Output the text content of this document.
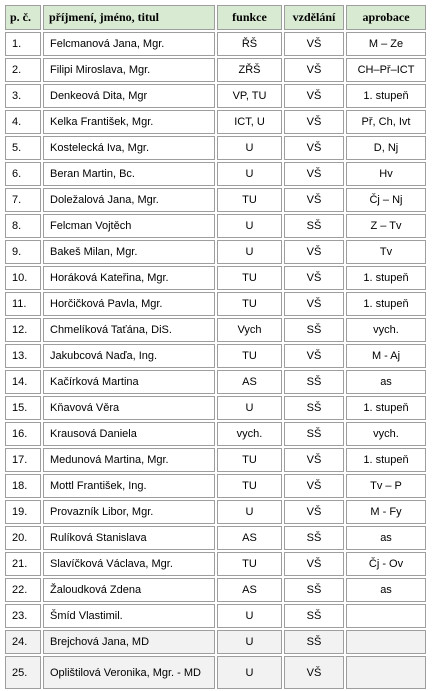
p. č.	příjmení, jméno, titul	funkce	vzdělání	aprobace
1.	Felcmanová Jana, Mgr.	ŘŠ	VŠ	M – Ze
2.	Filipi Miroslava, Mgr.	ZŘŠ	VŠ	CH–Př–ICT
3.	Denkeová Dita, Mgr	VP, TU	VŠ	1. stupeň
4.	Kelka František, Mgr.	ICT, U	VŠ	Př, Ch, Ivt
5.	Kostelecká Iva, Mgr.	U	VŠ	D, Nj
6.	Beran Martin, Bc.	U	VŠ	Hv
7.	Doležalová Jana, Mgr.	TU	VŠ	Čj – Nj
8.	Felcman Vojtěch	U	SŠ	Z – Tv
9.	Bakeš Milan, Mgr.	U	VŠ	Tv
10.	Horáková Kateřina, Mgr.	TU	VŠ	1. stupeň
11.	Horčičková Pavla, Mgr.	TU	VŠ	1. stupeň
12.	Chmelíková Taťána, DiS.	Vych	SŠ	vych.
13.	Jakubcová Naďa, Ing.	TU	VŠ	M - Aj
14.	Kačírková Martina	AS	SŠ	as
15.	Kňavová Věra	U	SŠ	1. stupeň
16.	Krausová Daniela	vych.	SŠ	vych.
17.	Medunová Martina, Mgr.	TU	VŠ	1. stupeň
18.	Mottl František, Ing.	TU	VŠ	Tv – P
19.	Provazník Libor, Mgr.	U	VŠ	M - Fy
20.	Rulíková Stanislava	AS	SŠ	as
21.	Slavíčková Václava, Mgr.	TU	VŠ	Čj - Ov
22.	Žaloudková Zdena	AS	SŠ	as
23.	Šmíd Vlastimil.	U	SŠ	
24.	Brejchová Jana, MD	U	SŠ	
25.	Oplištilová Veronika, Mgr. - MD	U	VŠ	
